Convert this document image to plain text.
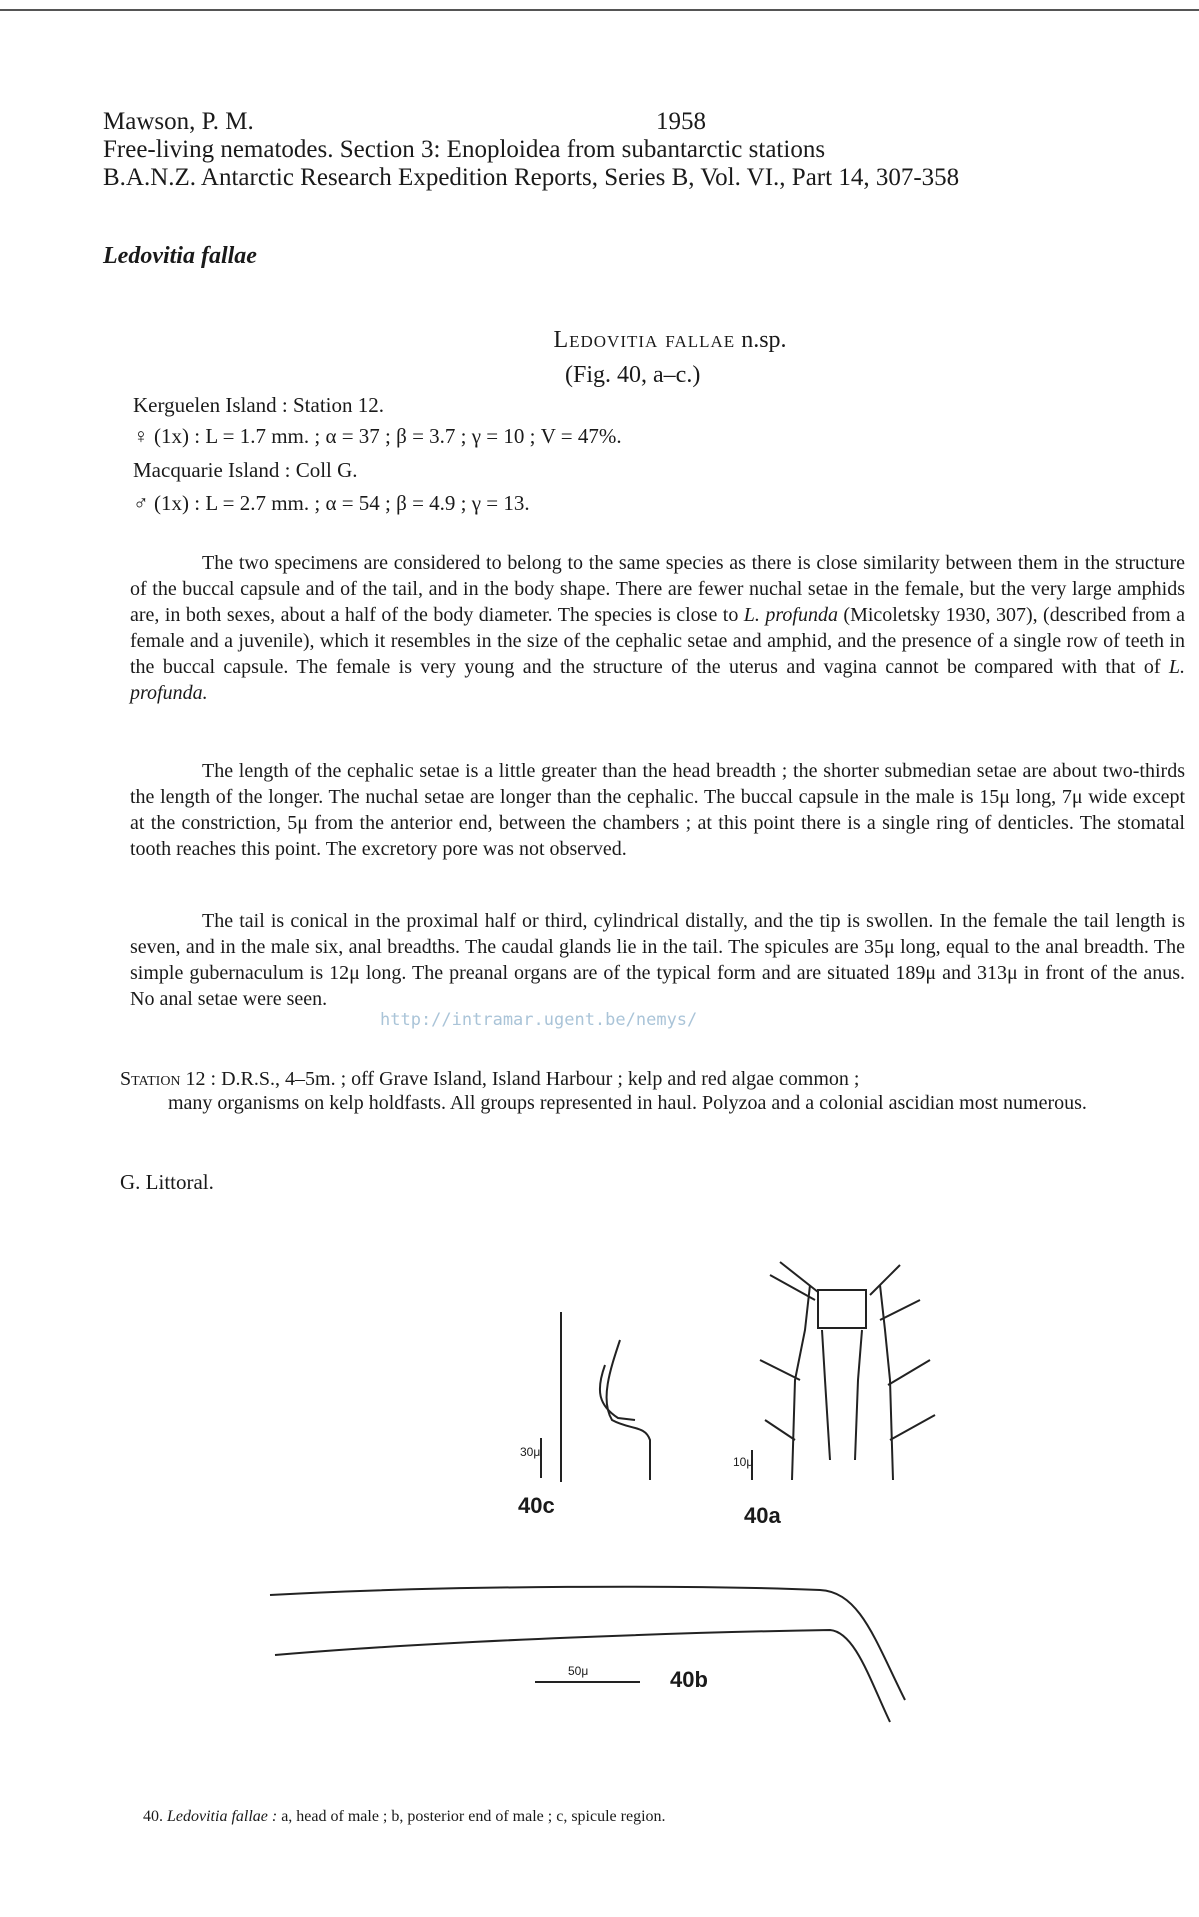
Mawson, P. M.	1958
Free-living nematodes. Section 3: Enoploidea from subantarctic stations
B.A.N.Z. Antarctic Research Expedition Reports, Series B, Vol. VI., Part 14, 307-358
Ledovitia fallae
Ledovitia fallae n.sp.
(Fig. 40, a–c.)
Kerguelen Island : Station 12.
♀ (1x) : L = 1.7 mm. ; α = 37 ; β = 3.7 ; γ = 10 ; V = 47%.
Macquarie Island : Coll G.
♂ (1x) : L = 2.7 mm. ; α = 54 ; β = 4.9 ; γ = 13.
The two specimens are considered to belong to the same species as there is close similarity between them in the structure of the buccal capsule and of the tail, and in the body shape. There are fewer nuchal setae in the female, but the very large amphids are, in both sexes, about a half of the body diameter. The species is close to L. profunda (Micoletsky 1930, 307), (described from a female and a juvenile), which it resembles in the size of the cephalic setae and amphid, and the presence of a single row of teeth in the buccal capsule. The female is very young and the structure of the uterus and vagina cannot be compared with that of L. profunda.
The length of the cephalic setae is a little greater than the head breadth ; the shorter submedian setae are about two-thirds the length of the longer. The nuchal setae are longer than the cephalic. The buccal capsule in the male is 15μ long, 7μ wide except at the constriction, 5μ from the anterior end, between the chambers ; at this point there is a single ring of denticles. The stomatal tooth reaches this point. The excretory pore was not observed.
The tail is conical in the proximal half or third, cylindrical distally, and the tip is swollen. In the female the tail length is seven, and in the male six, anal breadths. The caudal glands lie in the tail. The spicules are 35μ long, equal to the anal breadth. The simple gubernaculum is 12μ long. The preanal organs are of the typical form and are situated 189μ and 313μ in front of the anus. No anal setae were seen.
http://intramar.ugent.be/nemys/
Station 12 : D.R.S., 4–5m. ; off Grave Island, Island Harbour ; kelp and red algae common ;
many organisms on kelp holdfasts. All groups represented in haul. Polyzoa and a colonial ascidian most numerous.
G. Littoral.
30μ
10μ
50μ
40c	40a
40b
40. Ledovitia fallae : a, head of male ; b, posterior end of male ; c, spicule region.
